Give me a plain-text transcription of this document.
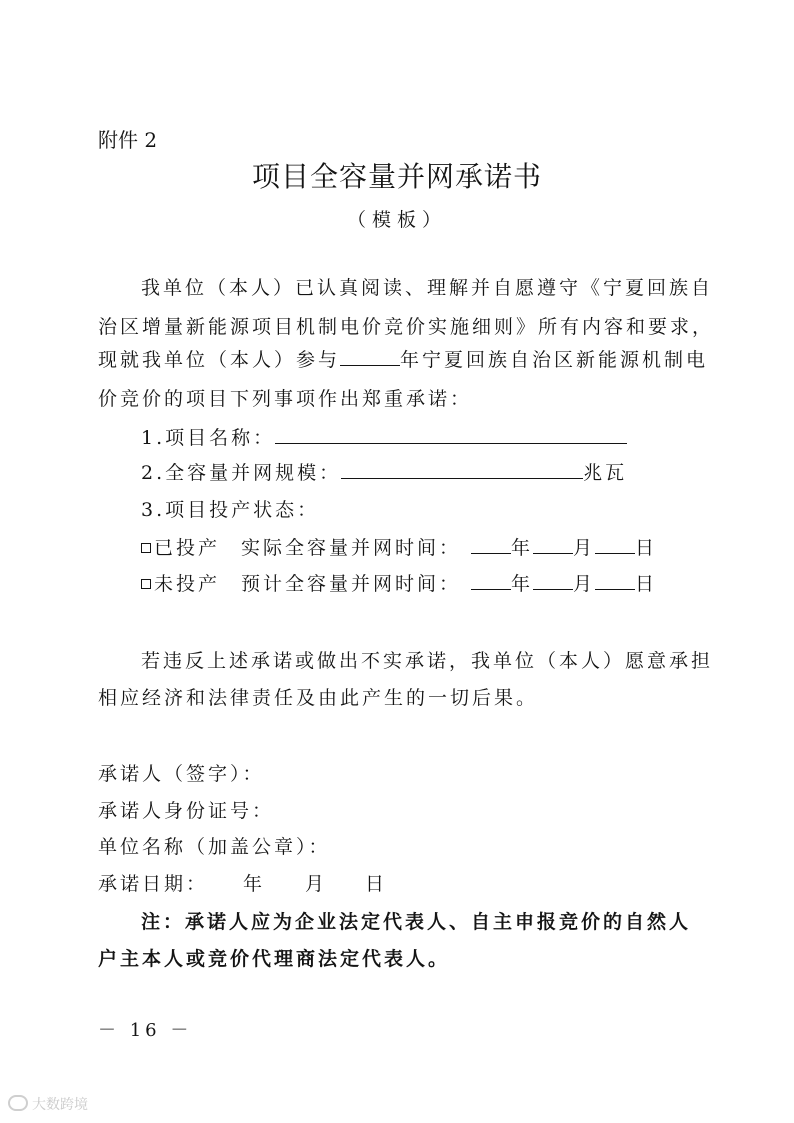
附件 2
项目全容量并网承诺书
（模板）
我单位（本人）已认真阅读、理解并自愿遵守《宁夏回族自
治区增量新能源项目机制电价竞价实施细则》所有内容和要求，
现就我单位（本人）参与	年宁夏回族自治区新能源机制电
价竞价的项目下列事项作出郑重承诺：
1.项目名称：
2.全容量并网规模：	兆瓦
3.项目投产状态：
已投产 实际全容量并网时间：	年 月 日
未投产 预计全容量并网时间：	年 月 日
若违反上述承诺或做出不实承诺，我单位（本人）愿意承担
相应经济和法律责任及由此产生的一切后果。
承诺人（签字）：
承诺人身份证号：
单位名称（加盖公章）：
承诺日期： 年 月 日
注：承诺人应为企业法定代表人、自主申报竞价的自然人
户主本人或竞价代理商法定代表人。
－ 16 －
大数跨境
